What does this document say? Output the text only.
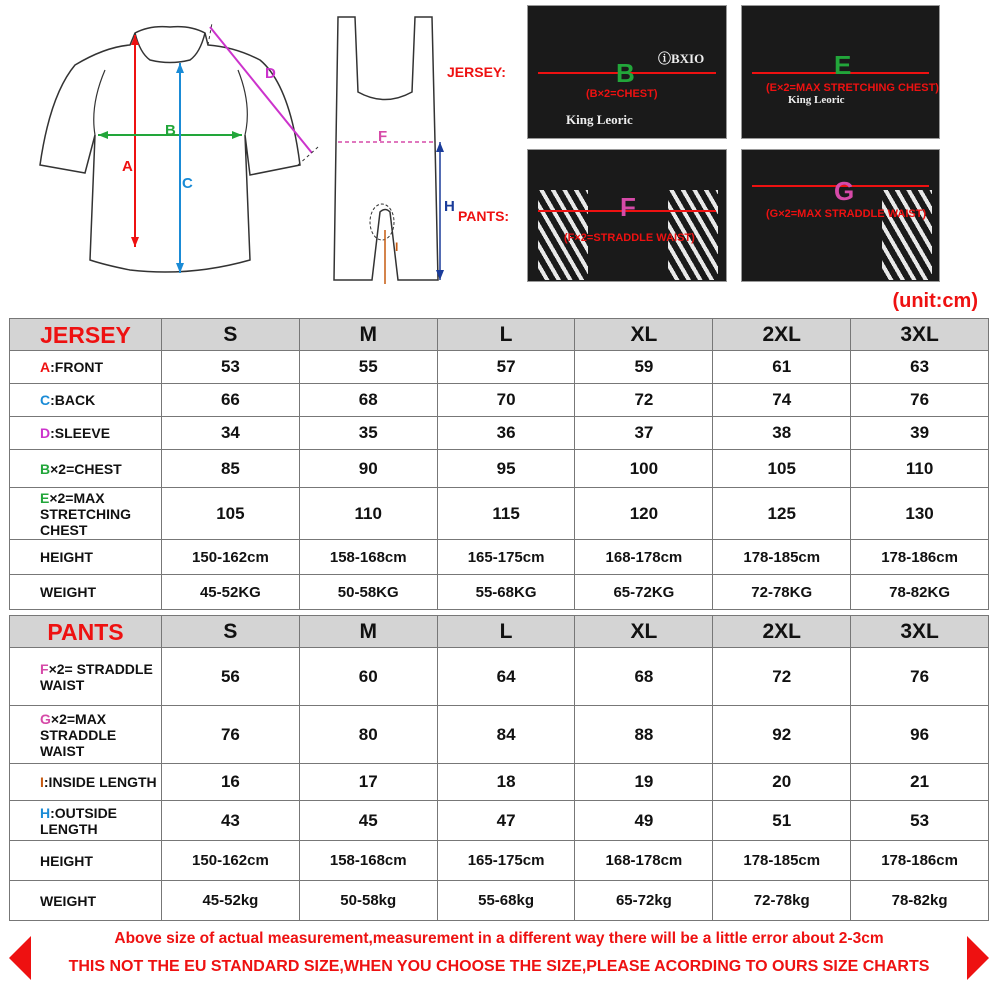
A
B
C
D
F
H
I
JERSEY:
PANTS:
B
(B×2=CHEST)
ⓘBXIO
King Leoric
E
(E×2=MAX STRETCHING CHEST)
King Leoric
F
(F×2=STRADDLE WAIST)
G
(G×2=MAX STRADDLE WAIST)
(unit:cm)
JERSEY	S	M	L	XL	2XL	3XL
A:FRONT	53	55	57	59	61	63
C:BACK	66	68	70	72	74	76
D:SLEEVE	34	35	36	37	38	39
B×2=CHEST	85	90	95	100	105	110
E×2=MAX STRETCHING CHEST	105	110	115	120	125	130
HEIGHT	150-162cm	158-168cm	165-175cm	168-178cm	178-185cm	178-186cm
WEIGHT	45-52KG	50-58KG	55-68KG	65-72KG	72-78KG	78-82KG
PANTS	S	M	L	XL	2XL	3XL
F×2= STRADDLE WAIST	56	60	64	68	72	76
G×2=MAX STRADDLE WAIST	76	80	84	88	92	96
I:INSIDE LENGTH	16	17	18	19	20	21
H:OUTSIDE LENGTH	43	45	47	49	51	53
HEIGHT	150-162cm	158-168cm	165-175cm	168-178cm	178-185cm	178-186cm
WEIGHT	45-52kg	50-58kg	55-68kg	65-72kg	72-78kg	78-82kg
Above size of actual measurement,measurement in a different way there will be a little error about 2-3cm
THIS NOT THE EU STANDARD SIZE,WHEN YOU CHOOSE THE SIZE,PLEASE ACORDING TO OURS SIZE CHARTS
